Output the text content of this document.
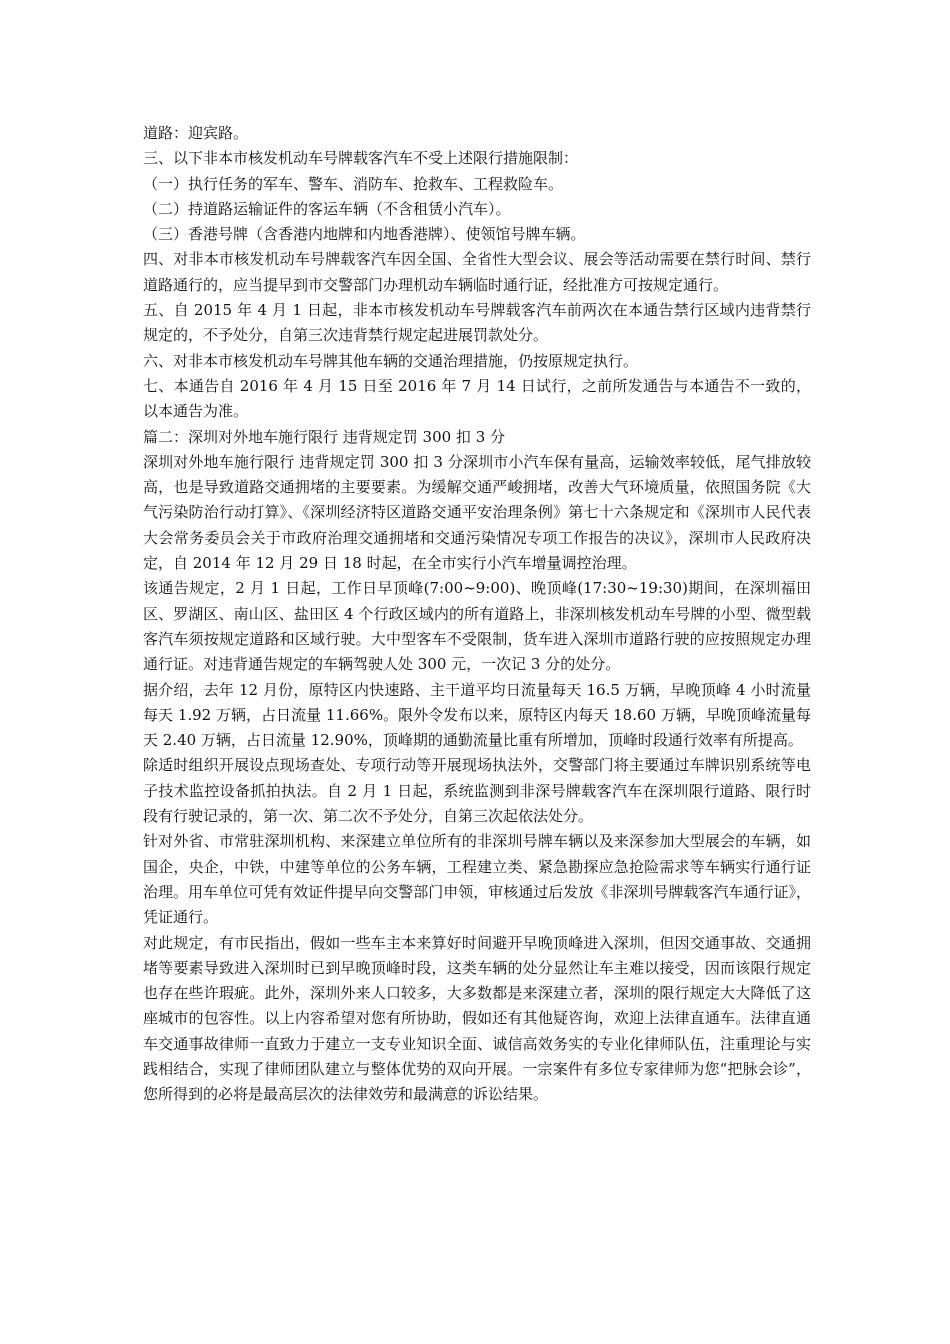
道路：迎宾路。

三、以下非本市核发机动车号牌载客汽车不受上述限行措施限制：

（一）执行任务的军车、警车、消防车、抢救车、工程救险车。

（二）持道路运输证件的客运车辆（不含租赁小汽车）。

（三）香港号牌（含香港内地牌和内地香港牌）、使领馆号牌车辆。

四、对非本市核发机动车号牌载客汽车因全国、全省性大型会议、展会等活动需要在禁行时间、禁行道路通行的，应当提早到市交警部门办理机动车辆临时通行证，经批准方可按规定通行。

五、自 2015 年 4 月 1 日起，非本市核发机动车号牌载客汽车前两次在本通告禁行区域内违背禁行规定的，不予处分，自第三次违背禁行规定起进展罚款处分。

六、对非本市核发机动车号牌其他车辆的交通治理措施，仍按原规定执行。

七、本通告自 2016 年 4 月 15 日至 2016 年 7 月 14 日试行，之前所发通告与本通告不一致的，以本通告为准。

篇二：深圳对外地车施行限行 违背规定罚 300 扣 3 分

深圳对外地车施行限行 违背规定罚 300 扣 3 分深圳市小汽车保有量高，运输效率较低，尾气排放较高，也是导致道路交通拥堵的主要要素。为缓解交通严峻拥堵，改善大气环境质量，依照国务院《大气污染防治行动打算》、《深圳经济特区道路交通平安治理条例》第七十六条规定和《深圳市人民代表大会常务委员会关于市政府治理交通拥堵和交通污染情况专项工作报告的决议》，深圳市人民政府决定，自 2014 年 12 月 29 日 18 时起，在全市实行小汽车增量调控治理。

该通告规定，2 月 1 日起，工作日早顶峰(7:00~9:00)、晚顶峰(17:30~19:30)期间，在深圳福田区、罗湖区、南山区、盐田区 4 个行政区域内的所有道路上，非深圳核发机动车号牌的小型、微型载客汽车须按规定道路和区域行驶。大中型客车不受限制，货车进入深圳市道路行驶的应按照规定办理通行证。对违背通告规定的车辆驾驶人处 300 元，一次记 3 分的处分。

据介绍，去年 12 月份，原特区内快速路、主干道平均日流量每天 16.5 万辆，早晚顶峰 4 小时流量每天 1.92 万辆，占日流量 11.66%。限外令发布以来，原特区内每天 18.60 万辆，早晚顶峰流量每天 2.40 万辆，占日流量 12.90%，顶峰期的通勤流量比重有所增加，顶峰时段通行效率有所提高。

除适时组织开展设点现场查处、专项行动等开展现场执法外，交警部门将主要通过车牌识别系统等电子技术监控设备抓拍执法。自 2 月 1 日起，系统监测到非深号牌载客汽车在深圳限行道路、限行时段有行驶记录的，第一次、第二次不予处分，自第三次起依法处分。

针对外省、市常驻深圳机构、来深建立单位所有的非深圳号牌车辆以及来深参加大型展会的车辆，如国企，央企，中铁，中建等单位的公务车辆，工程建立类、紧急勘探应急抢险需求等车辆实行通行证治理。用车单位可凭有效证件提早向交警部门申领，审核通过后发放《非深圳号牌载客汽车通行证》，凭证通行。

对此规定，有市民指出，假如一些车主本来算好时间避开早晚顶峰进入深圳，但因交通事故、交通拥堵等要素导致进入深圳时已到早晚顶峰时段，这类车辆的处分显然让车主难以接受，因而该限行规定也存在些许瑕疵。此外，深圳外来人口较多，大多数都是来深建立者，深圳的限行规定大大降低了这座城市的包容性。以上内容希望对您有所协助，假如还有其他疑咨询，欢迎上法律直通车。法律直通车交通事故律师一直致力于建立一支专业知识全面、诚信高效务实的专业化律师队伍，注重理论与实践相结合，实现了律师团队建立与整体优势的双向开展。一宗案件有多位专家律师为您“把脉会诊”，您所得到的必将是最高层次的法律效劳和最满意的诉讼结果。
